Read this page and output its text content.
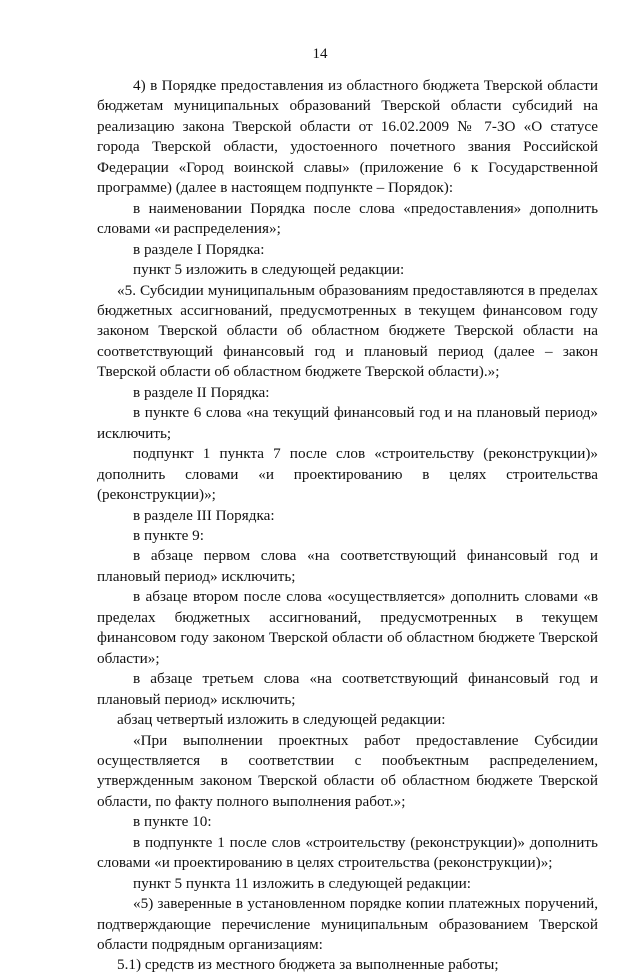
14

4) в Порядке предоставления из областного бюджета Тверской области бюджетам муниципальных образований Тверской области субсидий на реализацию закона Тверской области от 16.02.2009 № 7-ЗО «О статусе города Тверской области, удостоенного почетного звания Российской Федерации «Город воинской славы» (приложение 6 к Государственной программе) (далее в настоящем подпункте – Порядок):

в наименовании Порядка после слова «предоставления» дополнить словами «и распределения»;

в разделе I Порядка:

пункт 5 изложить в следующей редакции:

«5. Субсидии муниципальным образованиям предоставляются в пределах бюджетных ассигнований, предусмотренных в текущем финансовом году законом Тверской области об областном бюджете Тверской области на соответствующий финансовый год и плановый период (далее – закон Тверской области об областном бюджете Тверской области).»;

в разделе II Порядка:

в пункте 6 слова «на текущий финансовый год и на плановый период» исключить;

подпункт 1 пункта 7 после слов «строительству (реконструкции)» дополнить словами «и проектированию в целях строительства (реконструкции)»;

в разделе III Порядка:

в пункте 9:

в абзаце первом слова «на соответствующий финансовый год и плановый период» исключить;

в абзаце втором после слова «осуществляется» дополнить словами «в пределах бюджетных ассигнований, предусмотренных в текущем финансовом году законом Тверской области об областном бюджете Тверской области»;

в абзаце третьем слова «на соответствующий финансовый год и плановый период» исключить;

абзац четвертый изложить в следующей редакции:

«При выполнении проектных работ предоставление Субсидии осуществляется в соответствии с пообъектным распределением, утвержденным законом Тверской области об областном бюджете Тверской области, по факту полного выполнения работ.»;

в пункте 10:

в подпункте 1 после слов «строительству (реконструкции)» дополнить словами «и проектированию в целях строительства (реконструкции)»;

пункт 5 пункта 11 изложить в следующей редакции:

«5) заверенные в установленном порядке копии платежных поручений, подтверждающие перечисление муниципальным образованием Тверской области подрядным организациям:

5.1) средств из местного бюджета за выполненные работы;
